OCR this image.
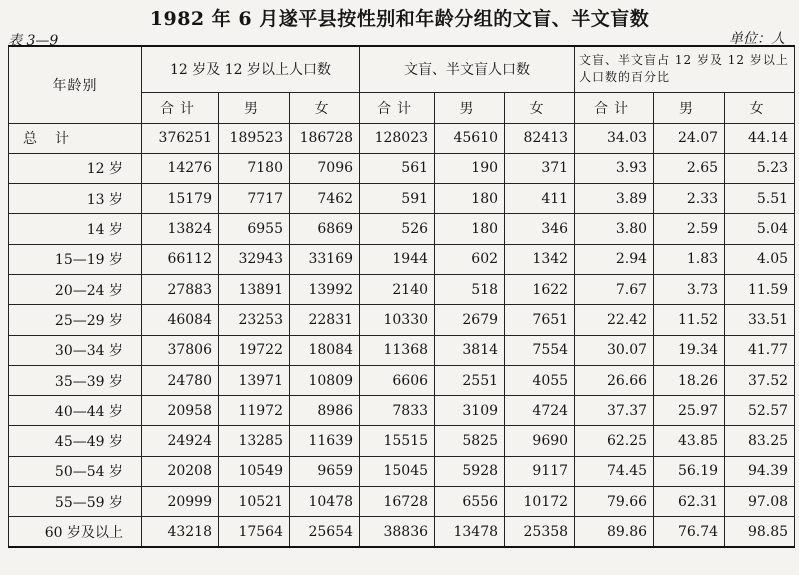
1982 年 6 月遂平县按性别和年龄分组的文盲、半文盲数
表 3—9	单位：人
年龄别	12 岁及 12 岁以上人口数			文盲、半文盲人口数			文盲、半文盲占 12 岁及 12 岁以上人口数的百分比		
	合计	男	女	合计	男	女	合计	男	女
总计	376251	189523	186728	128023	45610	82413	34.03	24.07	44.14
12 岁	14276	7180	7096	561	190	371	3.93	2.65	5.23
13 岁	15179	7717	7462	591	180	411	3.89	2.33	5.51
14 岁	13824	6955	6869	526	180	346	3.80	2.59	5.04
15—19 岁	66112	32943	33169	1944	602	1342	2.94	1.83	4.05
20—24 岁	27883	13891	13992	2140	518	1622	7.67	3.73	11.59
25—29 岁	46084	23253	22831	10330	2679	7651	22.42	11.52	33.51
30—34 岁	37806	19722	18084	11368	3814	7554	30.07	19.34	41.77
35—39 岁	24780	13971	10809	6606	2551	4055	26.66	18.26	37.52
40—44 岁	20958	11972	8986	7833	3109	4724	37.37	25.97	52.57
45—49 岁	24924	13285	11639	15515	5825	9690	62.25	43.85	83.25
50—54 岁	20208	10549	9659	15045	5928	9117	74.45	56.19	94.39
55—59 岁	20999	10521	10478	16728	6556	10172	79.66	62.31	97.08
60 岁及以上	43218	17564	25654	38836	13478	25358	89.86	76.74	98.85
